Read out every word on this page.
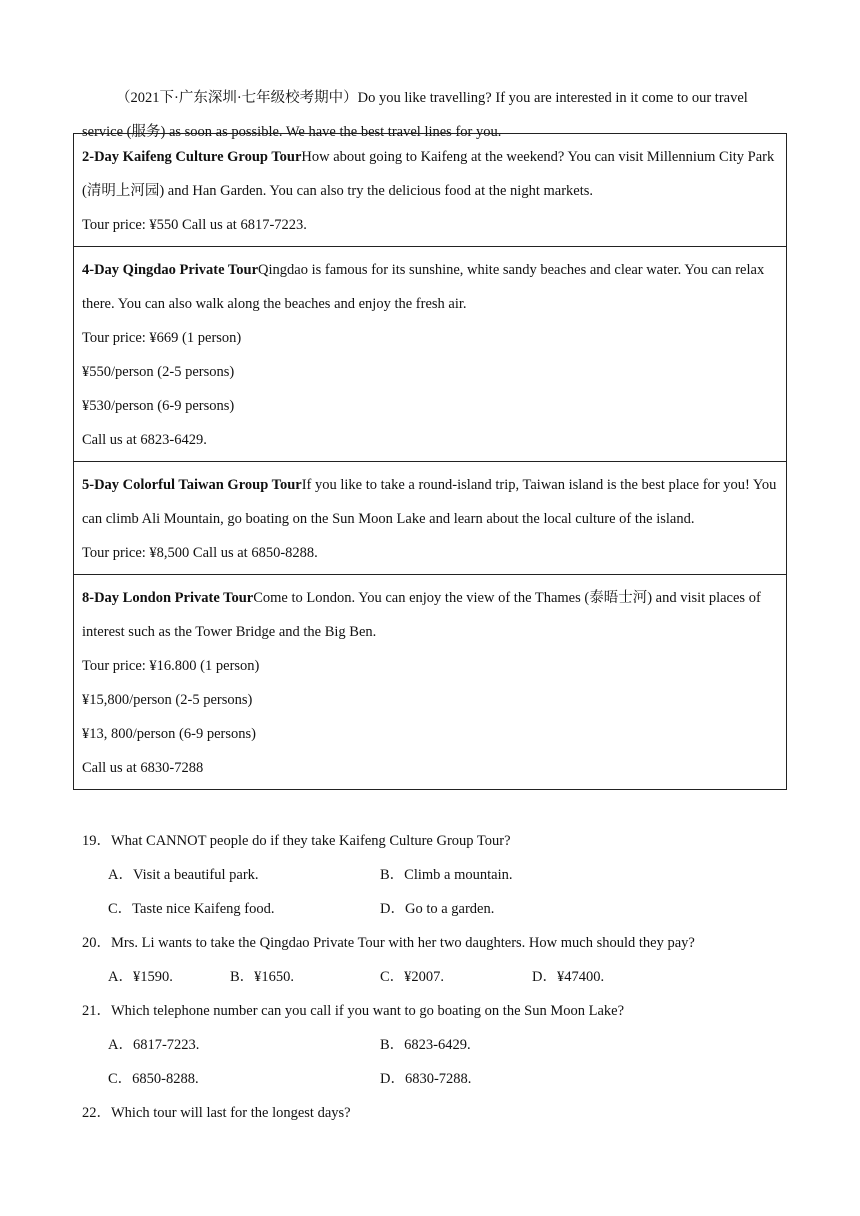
（2021下·广东深圳·七年级校考期中）Do you like travelling? If you are interested in it come to our travel service (服务) as soon as possible. We have the best travel lines for you.

2-Day Kaifeng Culture Group TourHow about going to Kaifeng at the weekend? You can visit Millennium City Park (清明上河园) and Han Garden. You can also try the delicious food at the night markets.

Tour price: ¥550 Call us at 6817-7223.

4-Day Qingdao Private TourQingdao is famous for its sunshine, white sandy beaches and clear water. You can relax there. You can also walk along the beaches and enjoy the fresh air.

Tour price: ¥669 (1 person)

¥550/person (2-5 persons)

¥530/person (6-9 persons)

Call us at 6823-6429.

5-Day Colorful Taiwan Group TourIf you like to take a round-island trip, Taiwan island is the best place for you! You can climb Ali Mountain, go boating on the Sun Moon Lake and learn about the local culture of the island.

Tour price: ¥8,500 Call us at 6850-8288.

8-Day London Private TourCome to London. You can enjoy the view of the Thames (泰晤士河) and visit places of interest such as the Tower Bridge and the Big Ben.

Tour price: ¥16.800 (1 person)

¥15,800/person (2-5 persons)

¥13, 800/person (6-9 persons)

Call us at 6830-7288

19．What CANNOT people do if they take Kaifeng Culture Group Tour?

A．Visit a beautiful park.	B．Climb a mountain.
C．Taste nice Kaifeng food.	D．Go to a garden.

20．Mrs. Li wants to take the Qingdao Private Tour with her two daughters. How much should they pay?

A．¥1590.	B．¥1650.	C．¥2007.	D．¥47400.

21．Which telephone number can you call if you want to go boating on the Sun Moon Lake?

A．6817-7223.	B．6823-6429.
C．6850-8288.	D．6830-7288.

22．Which tour will last for the longest days?
